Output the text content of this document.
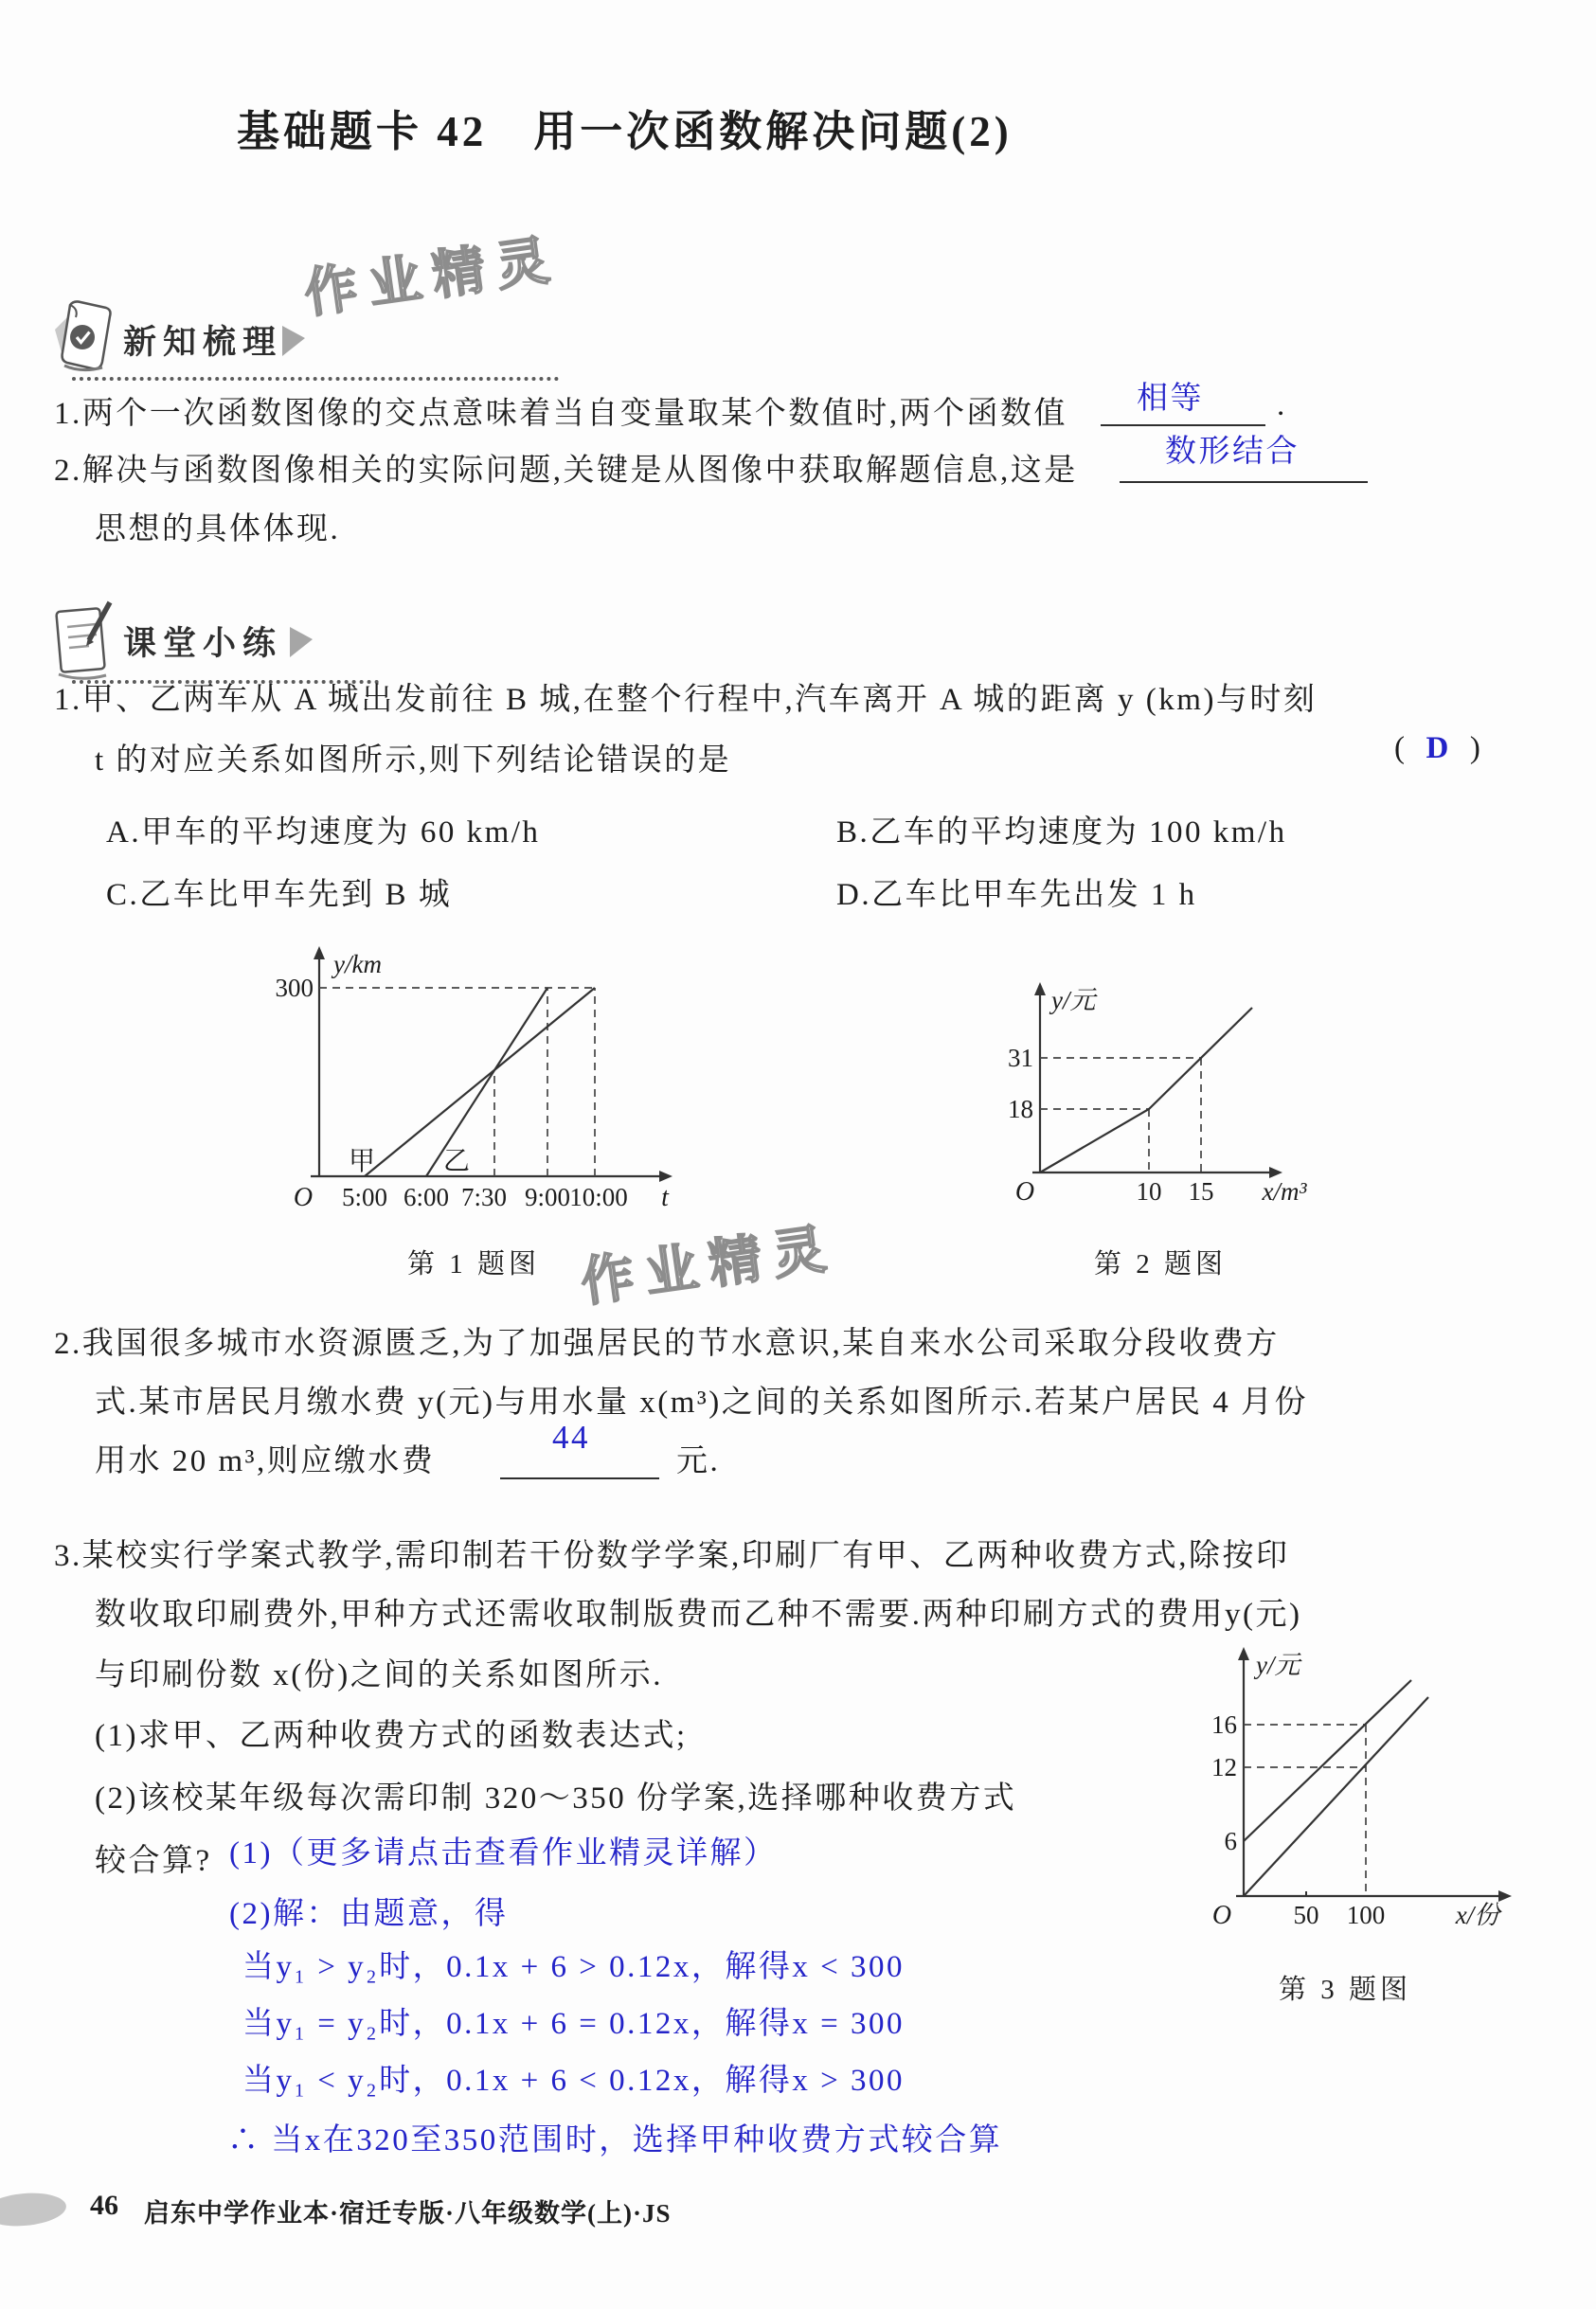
基础题卡 42　用一次函数解决问题(2)
作业精灵
新知梳理
1.两个一次函数图像的交点意味着当自变量取某个数值时,两个函数值 相等 .
2.解决与函数图像相关的实际问题,关键是从图像中获取解题信息,这是
数形结合
思想的具体体现.
课堂小练
1.甲、乙两车从 A 城出发前往 B 城,在整个行程中,汽车离开 A 城的距离 y (km)与时刻
t 的对应关系如图所示,则下列结论错误的是	( D )
A.甲车的平均速度为 60 km/h	B.乙车的平均速度为 100 km/h
C.乙车比甲车先到 B 城	D.乙车比甲车先出发 1 h
y/km
300
甲	乙
O 5:00 6:00 7:30 9:00 10:00 t
第 1 题图
y/元
31
18
O	10 15 x/m³
第 2 题图
作业精灵
2.我国很多城市水资源匮乏,为了加强居民的节水意识,某自来水公司采取分段收费方
式.某市居民月缴水费 y(元)与用水量 x(m³)之间的关系如图所示.若某户居民 4 月份
用水 20 m³,则应缴水费
44
元.
3.某校实行学案式教学,需印制若干份数学学案,印刷厂有甲、乙两种收费方式,除按印
数收取印刷费外,甲种方式还需收取制版费而乙种不需要.两种印刷方式的费用y(元)
与印刷份数 x(份)之间的关系如图所示.
(1)求甲、乙两种收费方式的函数表达式;
(2)该校某年级每次需印制 320～350 份学案,选择哪种收费方式
较合算? (1)（更多请点击查看作业精灵详解）
(2)解：由题意，得
当y₁ > y₂时，0.1x + 6 > 0.12x，解得x < 300
当y₁ = y₂时，0.1x + 6 = 0.12x，解得x = 300
当y₁ < y₂时，0.1x + 6 < 0.12x，解得x > 300
∴ 当x在320至350范围时，选择甲种收费方式较合算
y/元
16
12
6
O 50 100	x/份
第 3 题图
46 启东中学作业本·宿迁专版·八年级数学(上)·JS
